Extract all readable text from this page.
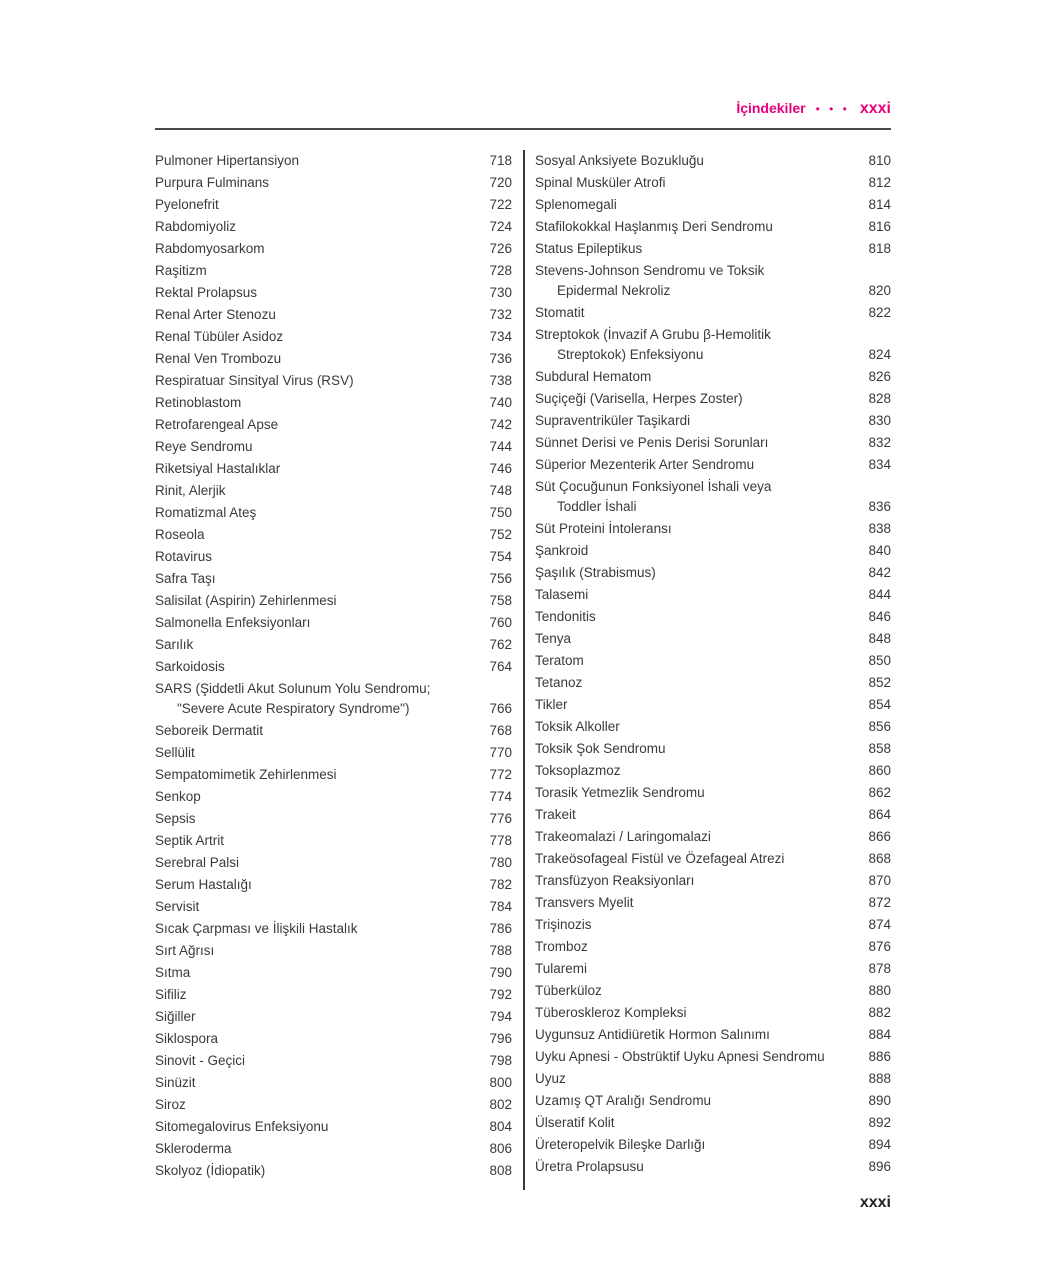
İçindekiler • • • xxxi
Pulmoner Hipertansiyon	718
Purpura Fulminans	720
Pyelonefrit	722
Rabdomiyoliz	724
Rabdomyosarkom	726
Raşitizm	728
Rektal Prolapsus	730
Renal Arter Stenozu	732
Renal Tübüler Asidoz	734
Renal Ven Trombozu	736
Respiratuar Sinsityal Virus (RSV)	738
Retinoblastom	740
Retrofarengeal Apse	742
Reye Sendromu	744
Riketsiyal Hastalıklar	746
Rinit, Alerjik	748
Romatizmal Ateş	750
Roseola	752
Rotavirus	754
Safra Taşı	756
Salisilat (Aspirin) Zehirlenmesi	758
Salmonella Enfeksiyonları	760
Sarılık	762
Sarkoidosis	764
SARS (Şiddetli Akut Solunum Yolu Sendromu;
"Severe Acute Respiratory Syndrome")	766
Seboreik Dermatit	768
Sellülit	770
Sempatomimetik Zehirlenmesi	772
Senkop	774
Sepsis	776
Septik Artrit	778
Serebral Palsi	780
Serum Hastalığı	782
Servisit	784
Sıcak Çarpması ve İlişkili Hastalık	786
Sırt Ağrısı	788
Sıtma	790
Sifiliz	792
Siğiller	794
Siklospora	796
Sinovit - Geçici	798
Sinüzit	800
Siroz	802
Sitomegalovirus Enfeksiyonu	804
Skleroderma	806
Skolyoz (İdiopatik)	808
Sosyal Anksiyete Bozukluğu	810
Spinal Musküler Atrofi	812
Splenomegali	814
Stafilokokkal Haşlanmış Deri Sendromu	816
Status Epileptikus	818
Stevens-Johnson Sendromu ve Toksik
Epidermal Nekroliz	820
Stomatit	822
Streptokok (İnvazif A Grubu β-Hemolitik
Streptokok) Enfeksiyonu	824
Subdural Hematom	826
Suçiçeği (Varisella, Herpes Zoster)	828
Supraventriküler Taşikardi	830
Sünnet Derisi ve Penis Derisi Sorunları	832
Süperior Mezenterik Arter Sendromu	834
Süt Çocuğunun Fonksiyonel İshali veya
Toddler İshali	836
Süt Proteini İntoleransı	838
Şankroid	840
Şaşılık (Strabismus)	842
Talasemi	844
Tendonitis	846
Tenya	848
Teratom	850
Tetanoz	852
Tikler	854
Toksik Alkoller	856
Toksik Şok Sendromu	858
Toksoplazmoz	860
Torasik Yetmezlik Sendromu	862
Trakeit	864
Trakeomalazi / Laringomalazi	866
Trakeösofageal Fistül ve Özefageal Atrezi	868
Transfüzyon Reaksiyonları	870
Transvers Myelit	872
Trişinozis	874
Tromboz	876
Tularemi	878
Tüberküloz	880
Tüberoskleroz Kompleksi	882
Uygunsuz Antidiüretik Hormon Salınımı	884
Uyku Apnesi - Obstrüktif Uyku Apnesi Sendromu	886
Uyuz	888
Uzamış QT Aralığı Sendromu	890
Ülseratif Kolit	892
Üreteropelvik Bileşke Darlığı	894
Üretra Prolapsusu	896
xxxi
